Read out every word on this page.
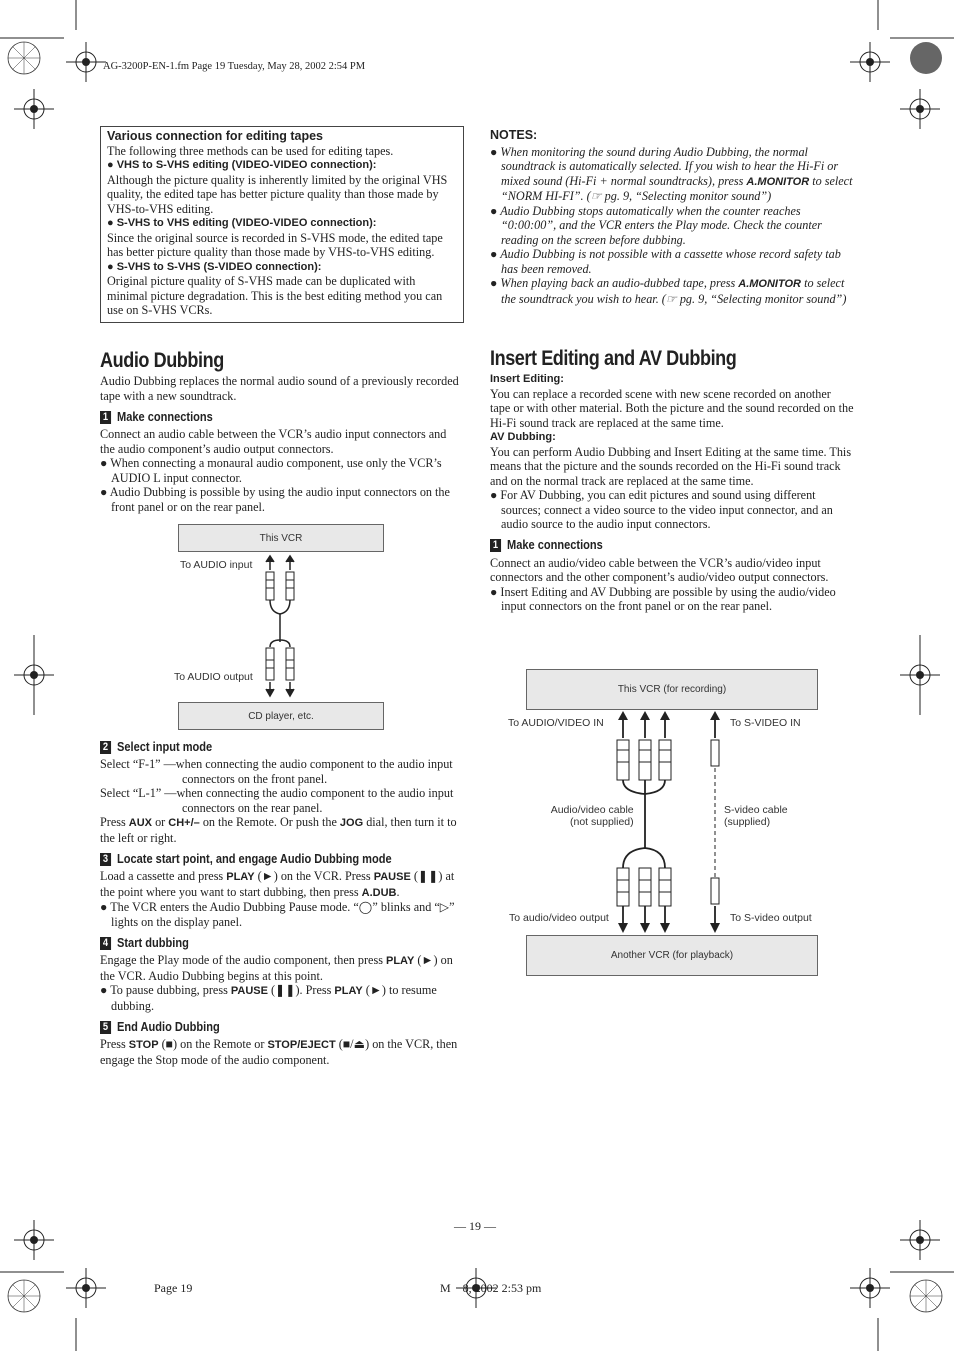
AG-3200P-EN-1.fm Page 19 Tuesday, May 28, 2002 2:54 PM
Various connection for editing tapes
The following three methods can be used for editing tapes.
● VHS to S-VHS editing (VIDEO-VIDEO connection):
Although the picture quality is inherently limited by the original VHS quality, the edited tape has better picture quality than those made by VHS-to-VHS editing.
● S-VHS to VHS editing (VIDEO-VIDEO connection):
Since the original source is recorded in S-VHS mode, the edited tape has better picture quality than those made by VHS-to-VHS editing.
● S-VHS to S-VHS (S-VIDEO connection):
Original picture quality of S-VHS made can be duplicated with minimal picture degradation. This is the best editing method you can use on S-VHS VCRs.
Audio Dubbing

Audio Dubbing replaces the normal audio sound of a previously recorded tape with a new soundtrack.

1 Make connections

Connect an audio cable between the VCR’s audio input connectors and the audio component’s audio output connectors.

● When connecting a monaural audio component, use only the VCR’s AUDIO L input connector.

● Audio Dubbing is possible by using the audio input connectors on the front panel or on the rear panel.

This VCR
To AUDIO input
To AUDIO output
CD player, etc.
2 Select input mode

Select “F-1” —when connecting the audio component to the audio input connectors on the front panel.

Select “L-1” —when connecting the audio component to the audio input connectors on the rear panel.

Press AUX or CH+/– on the Remote. Or push the JOG dial, then turn it to the left or right.

3 Locate start point, and engage Audio Dubbing mode

Load a cassette and press PLAY (►) on the VCR. Press PAUSE (❚❚) at the point where you want to start dubbing, then press A.DUB.

● The VCR enters the Audio Dubbing Pause mode. “◯” blinks and “▷” lights on the display panel.

4 Start dubbing

Engage the Play mode of the audio component, then press PLAY (►) on the VCR. Audio Dubbing begins at this point.

● To pause dubbing, press PAUSE (❚❚). Press PLAY (►) to resume dubbing.

5 End Audio Dubbing

Press STOP (■) on the Remote or STOP/EJECT (■/⏏) on the VCR, then engage the Stop mode of the audio component.

NOTES:

● When monitoring the sound during Audio Dubbing, the normal soundtrack is automatically selected. If you wish to hear the Hi-Fi or mixed sound (Hi-Fi + normal soundtracks), press A.MONITOR to select “NORM HI-FI”. (☞ pg. 9, “Selecting monitor sound”)

● Audio Dubbing stops automatically when the counter reaches “0:00:00”, and the VCR enters the Play mode. Check the counter reading on the screen before dubbing.

● Audio Dubbing is not possible with a cassette whose record safety tab has been removed.

● When playing back an audio-dubbed tape, press A.MONITOR to select the soundtrack you wish to hear. (☞ pg. 9, “Selecting monitor sound”)

Insert Editing and AV Dubbing
Insert Editing:

You can replace a recorded scene with new scene recorded on another tape or with other material. Both the picture and the sound recorded on the Hi-Fi sound track are replaced at the same time.

AV Dubbing:

You can perform Audio Dubbing and Insert Editing at the same time. This means that the picture and the sounds recorded on the Hi-Fi sound track and on the normal track are replaced at the same time.

● For AV Dubbing, you can edit pictures and sound using different sources; connect a video source to the video input connector, and an audio source to the audio input connectors.

1 Make connections

Connect an audio/video cable between the VCR’s audio/video input connectors and the other component’s audio/video output connectors.

● Insert Editing and AV Dubbing are possible by using the audio/video input connectors on the front panel or on the rear panel.

This VCR (for recording)
To AUDIO/VIDEO IN	To S-VIDEO IN
Audio/video cable
(not supplied)
S-video cable
(supplied)
To audio/video output	To S-video output
Another VCR (for playback)
— 19 —
Page 19	M    8, 2002 2:53 pm
